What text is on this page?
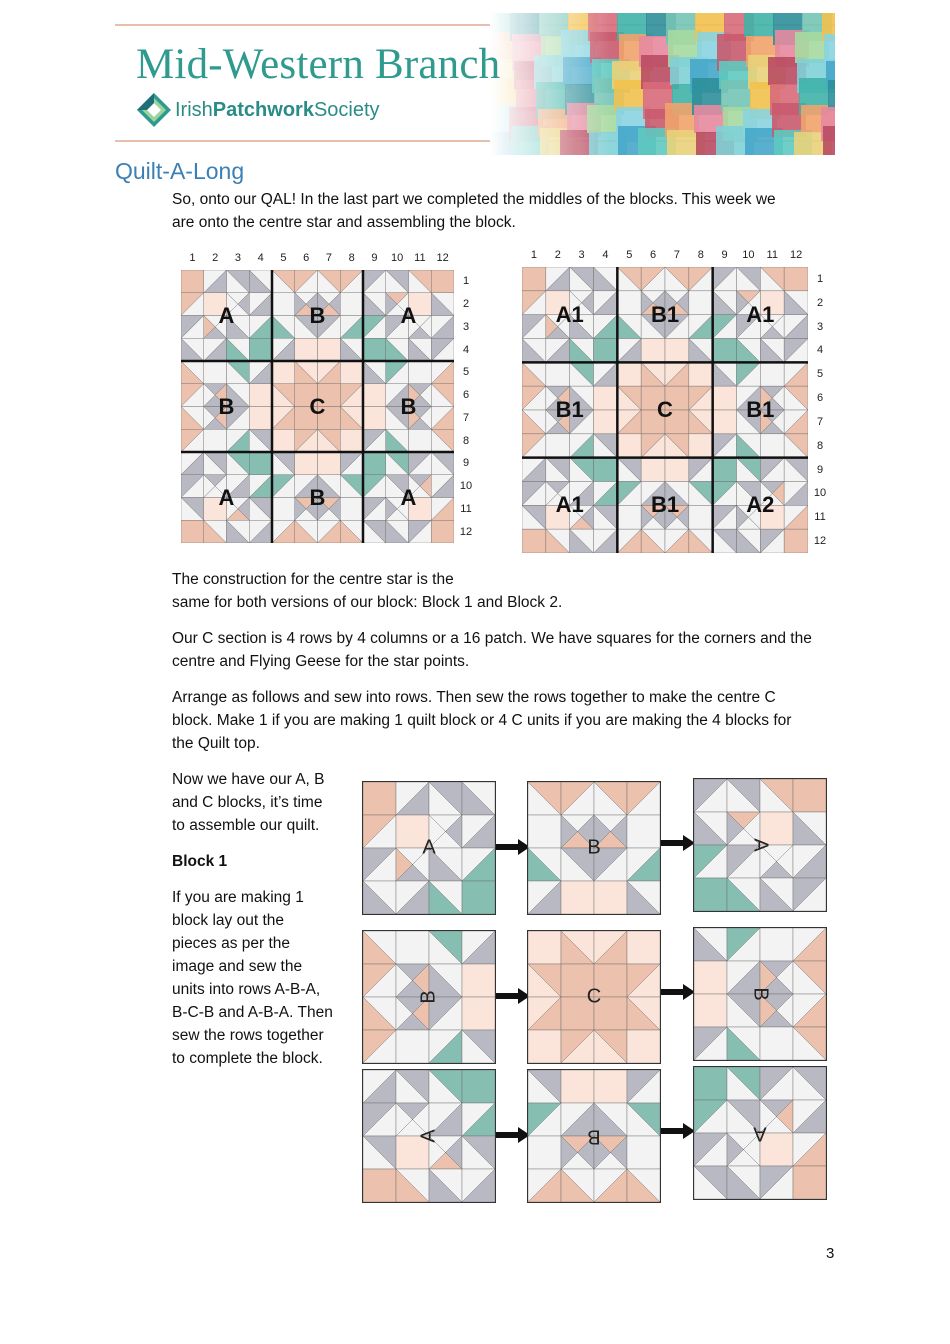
Mid-Western Branch
IrishPatchworkSociety
Quilt-A-Long

So, onto our QAL! In the last part we completed the middles of the blocks. This week we
are onto the centre star and assembling the block.

A	B	A
B	C	B
A	B	A
1 2 3 4 5 6 7 8 9 10 11 12
1
2
3
4
5
6
7
8
9
10
11
12
A1	B1	A1
B1	C	B1
A1	B1	A2
1 2 3 4 5 6 7 8 9 10 11 12
1
2
3
4
5
6
7
8
9
10
11
12

The construction for the centre star is the
same for both versions of our block: Block 1 and Block 2.

Our C section is 4 rows by 4 columns or a 16 patch. We have squares for the corners and the
centre and Flying Geese for the star points.

Arrange as follows and sew into rows. Then sew the rows together to make the centre C
block. Make 1 if you are making 1 quilt block or 4 C units if you are making the 4 blocks for
the Quilt top.

Now we have our A, B
and C blocks, it’s time
to assemble our quilt.

Block 1

If you are making 1
block lay out the
pieces as per the
image and sew the
units into rows A-B-A,
B-C-B and A-B-A. Then
sew the rows together
to complete the block.

A	B	A
B	C	B
A	B	A
3
